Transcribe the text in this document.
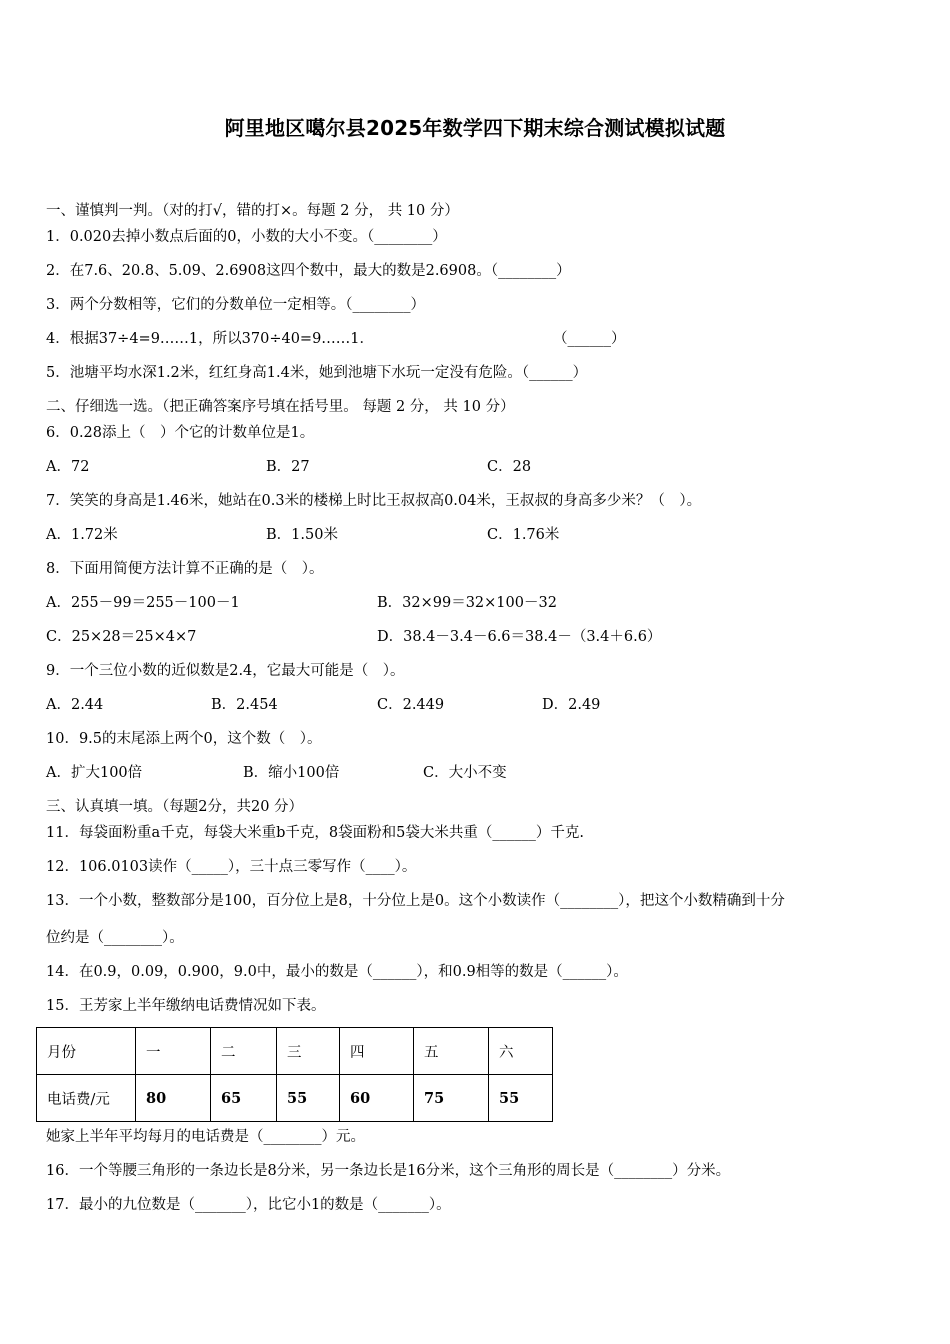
阿里地区噶尔县2025年数学四下期末综合测试模拟试题
一、谨慎判一判。（对的打√，错的打×。每题 2 分， 共 10 分）
1．0.020去掉小数点后面的0，小数的大小不变。（________）
2．在7.6、20.8、5.09、2.6908这四个数中，最大的数是2.6908。（________）
3．两个分数相等，它们的分数单位一定相等。（________）
4．根据37÷4=9……1，所以370÷40=9……1．	（______）
5．池塘平均水深1.2米，红红身高1.4米，她到池塘下水玩一定没有危险。（______）
二、仔细选一选。（把正确答案序号填在括号里。 每题 2 分， 共 10 分）
6．0.28添上（　）个它的计数单位是1。
A．72	B．27	C．28
7．笑笑的身高是1.46米，她站在0.3米的楼梯上时比王叔叔高0.04米，王叔叔的身高多少米？（　）。
A．1.72米	B．1.50米	C．1.76米
8．下面用简便方法计算不正确的是（　）。
A．255－99＝255－100－1	B．32×99＝32×100－32
C．25×28＝25×4×7	D．38.4－3.4－6.6＝38.4－（3.4＋6.6）
9．一个三位小数的近似数是2.4，它最大可能是（　）。
A．2.44	B．2.454	C．2.449	D．2.49
10．9.5的末尾添上两个0，这个数（　）。
A．扩大100倍	B．缩小100倍	C．大小不变
三、认真填一填。（每题2分，共20 分）
11．每袋面粉重a千克，每袋大米重b千克，8袋面粉和5袋大米共重（______）千克.
12．106.0103读作（_____），三十点三零写作（____）。
13．一个小数，整数部分是100，百分位上是8，十分位上是0。这个小数读作（________），把这个小数精确到十分
位约是（________）。
14．在0.9，0.09，0.900，9.0中，最小的数是（______），和0.9相等的数是（______）。
15．王芳家上半年缴纳电话费情况如下表。
月份	一	二	三	四	五	六
电话费/元	80	65	55	60	75	55
她家上半年平均每月的电话费是（________）元。
16．一个等腰三角形的一条边长是8分米，另一条边长是16分米，这个三角形的周长是（________）分米。
17．最小的九位数是（_______），比它小1的数是（_______）。
